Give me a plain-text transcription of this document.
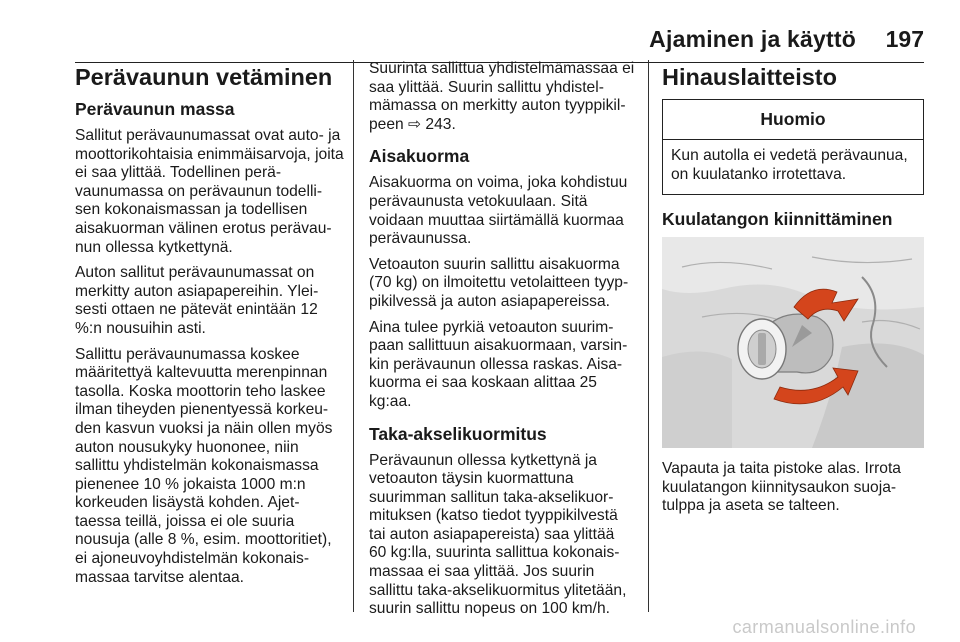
Ajaminen ja käyttö 197
Perävaunun vetäminen
Perävaunun massa

Sallitut perävaunumassat ovat auto- ja moottorikohtaisia enimmäisarvoja, joita ei saa ylittää. Todellinen perä- vaunumassa on perävaunun todelli- sen kokonaismassan ja todellisen aisakuorman välinen erotus perävau- nun ollessa kytkettynä.

Auton sallitut perävaunumassat on merkitty auton asiapapereihin. Ylei- sesti ottaen ne pätevät enintään 12 %:n nousuihin asti.

Sallittu perävaunumassa koskee määritettyä kaltevuutta merenpinnan tasolla. Koska moottorin teho laskee ilman tiheyden pienentyessä korkeu- den kasvun vuoksi ja näin ollen myös auton nousukyky huononee, niin sallittu yhdistelmän kokonaismassa pienenee 10 % jokaista 1000 m:n korkeuden lisäystä kohden. Ajet- taessa teillä, joissa ei ole suuria nousuja (alle 8 %, esim. moottoritiet), ei ajoneuvoyhdistelmän kokonais- massaa tarvitse alentaa.

Suurinta sallittua yhdistelmämassaa ei saa ylittää. Suurin sallittu yhdistel- mämassa on merkitty auton tyyppikil- peen ⇨ 243.

Aisakuorma

Aisakuorma on voima, joka kohdistuu perävaunusta vetokuulaan. Sitä voidaan muuttaa siirtämällä kuormaa perävaunussa.

Vetoauton suurin sallittu aisakuorma (70 kg) on ilmoitettu vetolaitteen tyyp- pikilvessä ja auton asiapapereissa.

Aina tulee pyrkiä vetoauton suurim- paan sallittuun aisakuormaan, varsin- kin perävaunun ollessa raskas. Aisa- kuorma ei saa koskaan alittaa 25 kg:aa.

Taka-akselikuormitus

Perävaunun ollessa kytkettynä ja vetoauton täysin kuormattuna suurimman sallitun taka-akselikuor- mituksen (katso tiedot tyyppikilvestä tai auton asiapapereista) saa ylittää 60 kg:lla, suurinta sallittua kokonais- massaa ei saa ylittää. Jos suurin sallittu taka-akselikuormitus ylitetään, suurin sallittu nopeus on 100 km/h.

Hinauslaitteisto
Huomio
Kun autolla ei vedetä perävaunua, on kuulatanko irrotettava.
Kuulatangon kiinnittäminen

Vapauta ja taita pistoke alas. Irrota kuulatangon kiinnitysaukon suoja- tulppa ja aseta se talteen.

carmanualsonline.info
